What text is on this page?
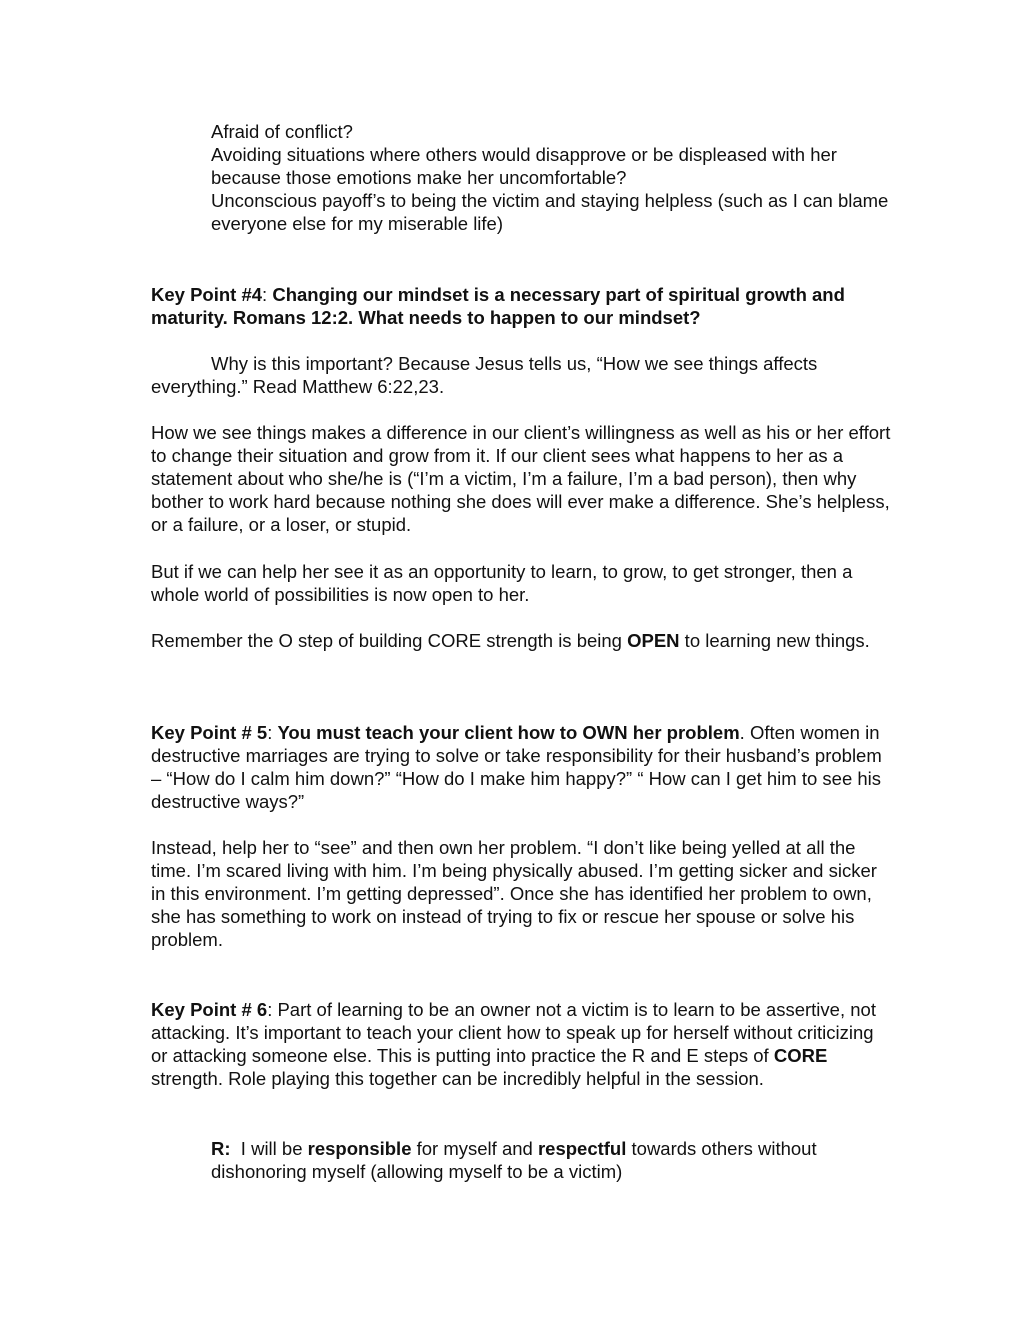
Afraid of conflict?

Avoiding situations where others would disapprove or be displeased with her because those emotions make her uncomfortable?

Unconscious payoff’s to being the victim and staying helpless (such as I can blame everyone else for my miserable life)

Key Point #4: Changing our mindset is a necessary part of spiritual growth and maturity. Romans 12:2. What needs to happen to our mindset?

Why is this important? Because Jesus tells us, “How we see things affects everything.” Read Matthew 6:22,23.

How we see things makes a difference in our client’s willingness as well as his or her effort to change their situation and grow from it. If our client sees what happens to her as a statement about who she/he is (“I’m a victim, I’m a failure, I’m a bad person), then why bother to work hard because nothing she does will ever make a difference. She’s helpless, or a failure, or a loser, or stupid.

But if we can help her see it as an opportunity to learn, to grow, to get stronger, then a whole world of possibilities is now open to her.

Remember the O step of building CORE strength is being OPEN to learning new things.

Key Point # 5: You must teach your client how to OWN her problem. Often women in destructive marriages are trying to solve or take responsibility for their husband’s problem – “How do I calm him down?” “How do I make him happy?” “ How can I get him to see his destructive ways?”

Instead, help her to “see” and then own her problem. “I don’t like being yelled at all the time. I’m scared living with him. I’m being physically abused. I’m getting sicker and sicker in this environment. I’m getting depressed”. Once she has identified her problem to own, she has something to work on instead of trying to fix or rescue her spouse or solve his problem.

Key Point # 6: Part of learning to be an owner not a victim is to learn to be assertive, not attacking. It’s important to teach your client how to speak up for herself without criticizing or attacking someone else. This is putting into practice the R and E steps of CORE strength. Role playing this together can be incredibly helpful in the session.

R:  I will be responsible for myself and respectful towards others without dishonoring myself (allowing myself to be a victim)
